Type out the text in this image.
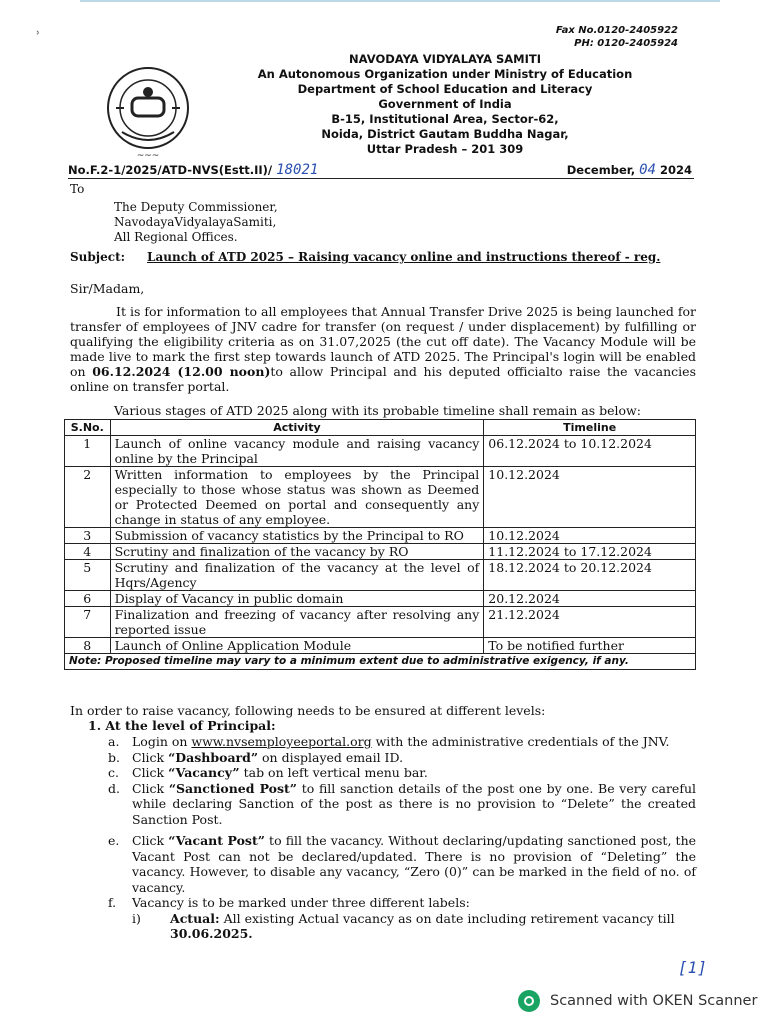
˒	Fax No.0120-2405922
PH: 0120-2405924
~~~
NAVODAYA VIDYALAYA SAMITI
An Autonomous Organization under Ministry of Education
Department of School Education and Literacy
Government of India
B-15, Institutional Area, Sector-62,
Noida, District Gautam Buddha Nagar,
Uttar Pradesh – 201 309
No.F.2-1/2025/ATD-NVS(Estt.II)/ 18021	December, 04 2024
To
The Deputy Commissioner,
NavodayaVidyalayaSamiti,
All Regional Offices.
Subject: Launch of ATD 2025 – Raising vacancy online and instructions thereof - reg.
Sir/Madam,

It is for information to all employees that Annual Transfer Drive 2025 is being launched for transfer of employees of JNV cadre for transfer (on request / under displacement) by fulfilling or qualifying the eligibility criteria as on 31.07,2025 (the cut off date). The Vacancy Module will be made live to mark the first step towards launch of ATD 2025. The Principal's login will be enabled on 06.12.2024 (12.00 noon)to allow Principal and his deputed officialto raise the vacancies online on transfer portal.

Various stages of ATD 2025 along with its probable timeline shall remain as below:
S.No.	Activity	Timeline
1	Launch of online vacancy module and raising vacancy online by the Principal	06.12.2024 to 10.12.2024
2	Written information to employees by the Principal especially to those whose status was shown as Deemed or Protected Deemed on portal and consequently any change in status of any employee.	10.12.2024
3	Submission of vacancy statistics by the Principal to RO	10.12.2024
4	Scrutiny and finalization of the vacancy by RO	11.12.2024 to 17.12.2024
5	Scrutiny and finalization of the vacancy at the level of Hqrs/Agency	18.12.2024 to 20.12.2024
6	Display of Vacancy in public domain	20.12.2024
7	Finalization and freezing of vacancy after resolving any reported issue	21.12.2024
8	Launch of Online Application Module	To be notified further
Note: Proposed timeline may vary to a minimum extent due to administrative exigency, if any.		
In order to raise vacancy, following needs to be ensured at different levels:
1. At the level of Principal:
a.	Login on www.nvsemployeeportal.org with the administrative credentials of the JNV.
b. Click “Dashboard” on displayed email ID.
c.	Click “Vacancy” tab on left vertical menu bar.
d. Click “Sanctioned Post” to fill sanction details of the post one by one. Be very careful while declaring Sanction of the post as there is no provision to “Delete” the created Sanction Post.
e.	Click “Vacant Post” to fill the vacancy. Without declaring/updating sanctioned post, the Vacant Post can not be declared/updated. There is no provision of “Deleting” the vacancy. However, to disable any vacancy, “Zero (0)” can be marked in the field of no. of vacancy.
f.	Vacancy is to be marked under three different labels:
i)	Actual: All existing Actual vacancy as on date including retirement vacancy till 30.06.2025.
[1]
Scanned with OKEN Scanner
